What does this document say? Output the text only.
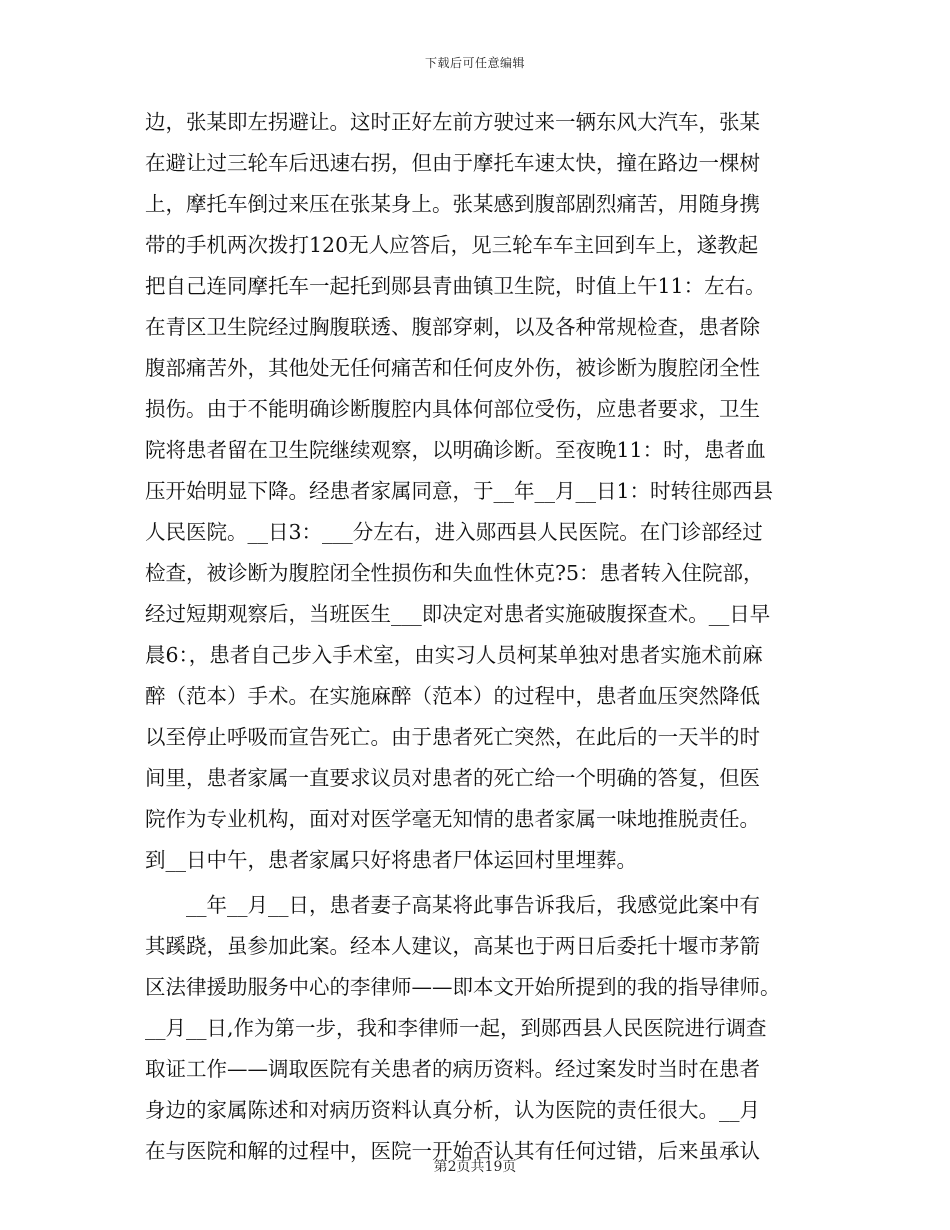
下载后可任意编辑
边，张某即左拐避让。这时正好左前方驶过来一辆东风大汽车，张某
在避让过三轮车后迅速右拐，但由于摩托车速太快，撞在路边一棵树
上，摩托车倒过来压在张某身上。张某感到腹部剧烈痛苦，用随身携
带的手机两次拨打120无人应答后，见三轮车车主回到车上，遂教起
把自己连同摩托车一起托到郧县青曲镇卫生院，时值上午11：左右。
在青区卫生院经过胸腹联透、腹部穿刺，以及各种常规检查，患者除
腹部痛苦外，其他处无任何痛苦和任何皮外伤，被诊断为腹腔闭全性
损伤。由于不能明确诊断腹腔内具体何部位受伤，应患者要求，卫生
院将患者留在卫生院继续观察，以明确诊断。至夜晚11：时，患者血
压开始明显下降。经患者家属同意，于__年__月__日1：时转往郧西县
人民医院。__日3：___分左右，进入郧西县人民医院。在门诊部经过
检查，被诊断为腹腔闭全性损伤和失血性休克?5：患者转入住院部，
经过短期观察后，当班医生___即决定对患者实施破腹探查术。__日早
晨6：，患者自己步入手术室，由实习人员柯某单独对患者实施术前麻
醉（范本）手术。在实施麻醉（范本）的过程中，患者血压突然降低
以至停止呼吸而宣告死亡。由于患者死亡突然，在此后的一天半的时
间里，患者家属一直要求议员对患者的死亡给一个明确的答复，但医
院作为专业机构，面对对医学毫无知情的患者家属一味地推脱责任。
到__日中午，患者家属只好将患者尸体运回村里埋葬。
__年__月__日，患者妻子高某将此事告诉我后，我感觉此案中有
其蹊跷，虽参加此案。经本人建议，高某也于两日后委托十堰市茅箭
区法律援助服务中心的李律师——即本文开始所提到的我的指导律师。
__月__日,作为第一步，我和李律师一起，到郧西县人民医院进行调查
取证工作——调取医院有关患者的病历资料。经过案发时当时在患者
身边的家属陈述和对病历资料认真分析，认为医院的责任很大。__月
在与医院和解的过程中，医院一开始否认其有任何过错，后来虽承认
第2页共19页
